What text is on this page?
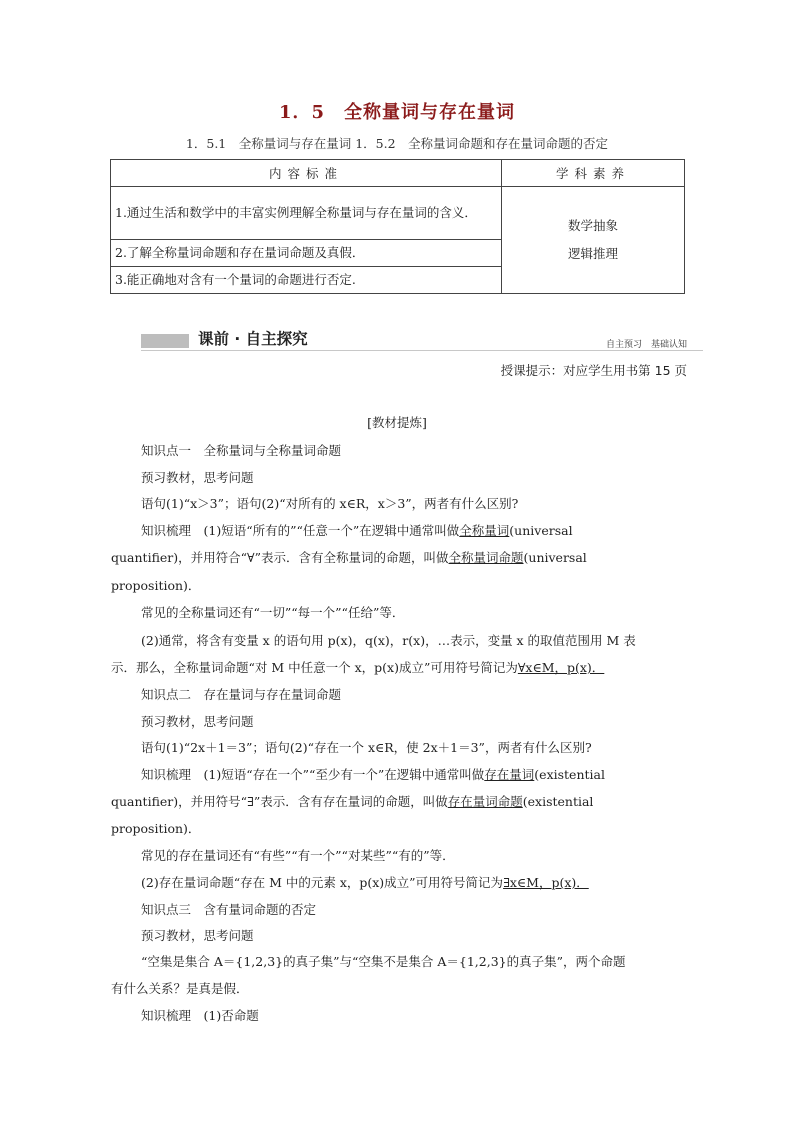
1．5　全称量词与存在量词
1．5.1　全称量词与存在量词 1．5.2　全称量词命题和存在量词命题的否定
内容标准	学科素养
1.通过生活和数学中的丰富实例理解全称量词与存在量词的含义．	数学抽象
逻辑推理

2.了解全称量词命题和存在量词命题及真假．	
3.能正确地对含有一个量词的命题进行否定.	
课前 · 自主探究	自主预习　基础认知
授课提示：对应学生用书第 15 页
[教材提炼]
知识点一　全称量词与全称量词命题
预习教材，思考问题
语句(1)“x＞3”；语句(2)“对所有的 x∈R，x＞3”，两者有什么区别?
知识梳理　(1)短语“所有的”“任意一个”在逻辑中通常叫做全称量词(universal
quantifier)，并用符合“∀”表示．含有全称量词的命题，叫做全称量词命题(universal
proposition)．
常见的全称量词还有“一切”“每一个”“任给”等．
(2)通常，将含有变量 x 的语句用 p(x)，q(x)，r(x)，…表示，变量 x 的取值范围用 M 表
示．那么，全称量词命题“对 M 中任意一个 x，p(x)成立”可用符号简记为∀x∈M，p(x)．
知识点二　存在量词与存在量词命题
预习教材，思考问题
语句(1)“2x＋1＝3”；语句(2)“存在一个 x∈R，使 2x＋1＝3”，两者有什么区别?
知识梳理　(1)短语“存在一个”“至少有一个”在逻辑中通常叫做存在量词(existential
quantifier)，并用符号“∃”表示．含有存在量词的命题，叫做存在量词命题(existential
proposition)．
常见的存在量词还有“有些”“有一个”“对某些”“有的”等．
(2)存在量词命题“存在 M 中的元素 x，p(x)成立”可用符号简记为∃x∈M，p(x)．
知识点三　含有量词命题的否定
预习教材，思考问题
“空集是集合 A＝{1,2,3}的真子集”与“空集不是集合 A＝{1,2,3}的真子集”，两个命题
有什么关系？是真是假．
知识梳理　(1)否命题
